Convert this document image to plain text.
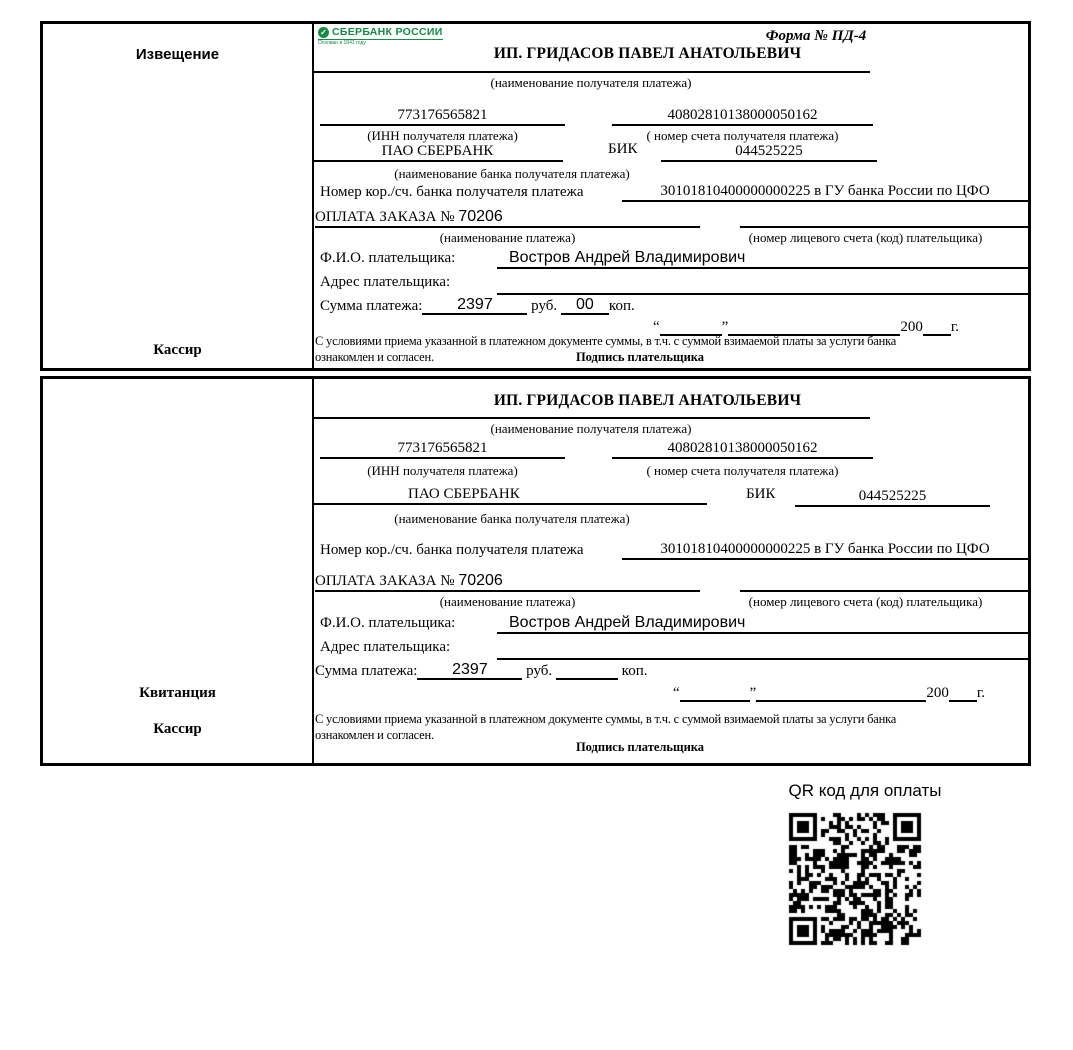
Извещение
Кассир
✓ СБЕРБАНК РОССИИ
Основан в 1841 году	Форма № ПД-4
ИП. ГРИДАСОВ ПАВЕЛ АНАТОЛЬЕВИЧ
(наименование получателя платежа)
773176565821	40802810138000050162
(ИНН получателя платежа)	( номер счета получателя платежа)
ПАО СБЕРБАНК	БИК	044525225
(наименование банка получателя платежа)
Номер кор./сч. банка получателя платежа	30101810400000000225 в ГУ банка России по ЦФО
ОПЛАТА ЗАКАЗА №
70206
(наименование платежа)	(номер лицевого счета (код) плательщика)
Ф.И.О. плательщика:	Востров Андрей Владимирович
Адрес плательщика:
Сумма платежа:	2397
	руб.
	00	коп.
“	”	200 г.
С условиями приема указанной в платежном документе суммы, в т.ч. с суммой взимаемой платы за услуги банка
ознакомлен и согласен.	Подпись плательщика
Квитанция
Кассир
ИП. ГРИДАСОВ ПАВЕЛ АНАТОЛЬЕВИЧ
(наименование получателя платежа)
773176565821	40802810138000050162
(ИНН получателя платежа)	( номер счета получателя платежа)
ПАО СБЕРБАНК	БИК	044525225
(наименование банка получателя платежа)
Номер кор./сч. банка получателя платежа	30101810400000000225 в ГУ банка России по ЦФО
ОПЛАТА ЗАКАЗА №
70206
(наименование платежа)	(номер лицевого счета (код) плательщика)
Ф.И.О. плательщика:	Востров Андрей Владимирович
Адрес плательщика:
Сумма платежа:	2397
	руб.

	коп.
“	”	200 г.
С условиями приема указанной в платежном документе суммы, в т.ч. с суммой взимаемой платы за услуги банка
ознакомлен и согласен.
Подпись плательщика
QR код для оплаты
